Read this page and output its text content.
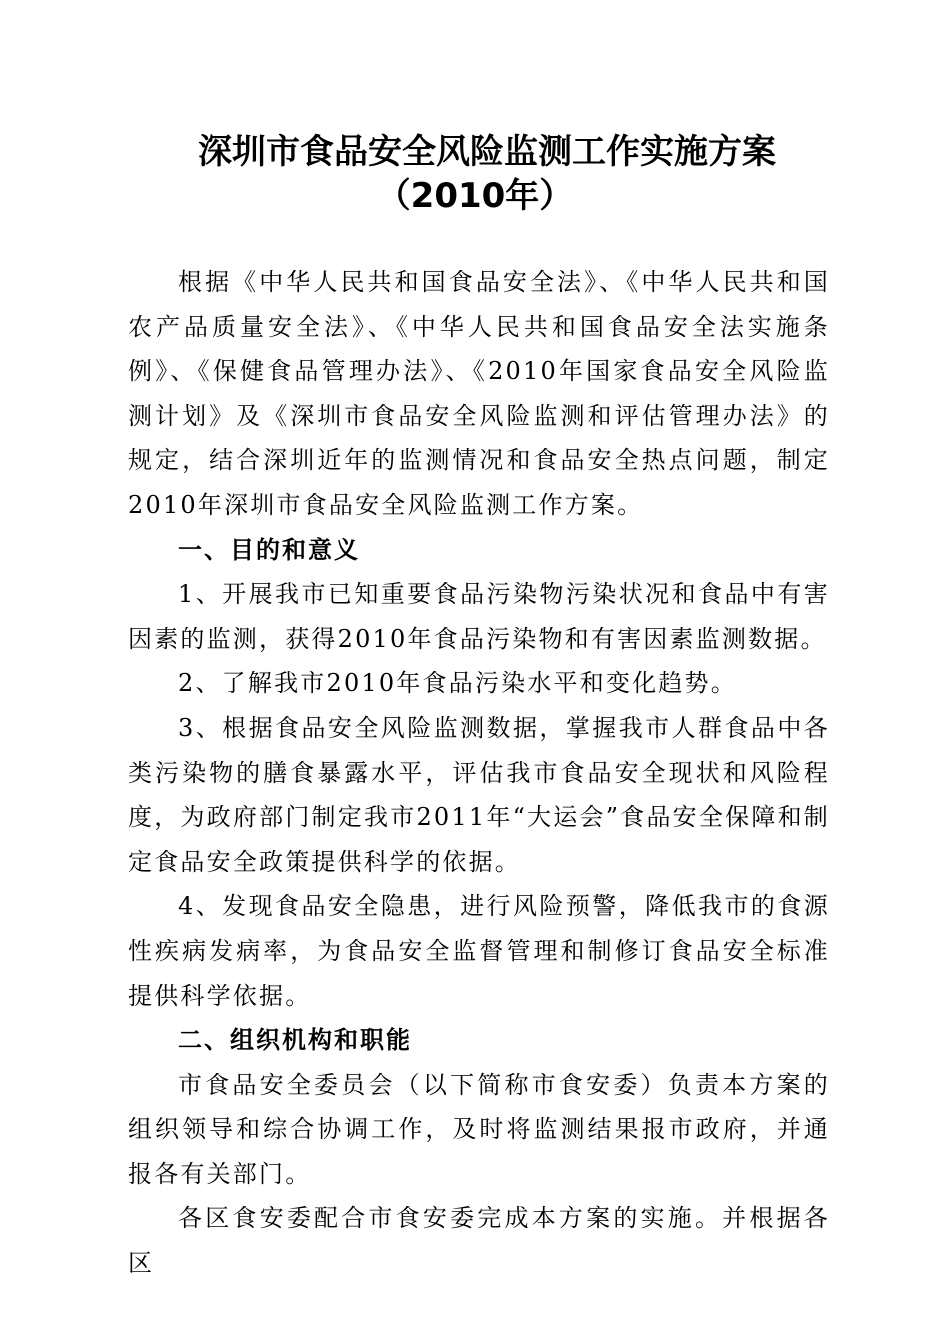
深圳市食品安全风险监测工作实施方案
（2010年）

根据《中华人民共和国食品安全法》、《中华人民共和国农产品质量安全法》、《中华人民共和国食品安全法实施条例》、《保健食品管理办法》、《2010年国家食品安全风险监测计划》及《深圳市食品安全风险监测和评估管理办法》的规定，结合深圳近年的监测情况和食品安全热点问题，制定2010年深圳市食品安全风险监测工作方案。

一、目的和意义

1、开展我市已知重要食品污染物污染状况和食品中有害因素的监测，获得2010年食品污染物和有害因素监测数据。

2、了解我市2010年食品污染水平和变化趋势。

3、根据食品安全风险监测数据，掌握我市人群食品中各类污染物的膳食暴露水平，评估我市食品安全现状和风险程度，为政府部门制定我市2011年“大运会”食品安全保障和制定食品安全政策提供科学的依据。

4、发现食品安全隐患，进行风险预警，降低我市的食源性疾病发病率，为食品安全监督管理和制修订食品安全标准提供科学依据。

二、组织机构和职能

市食品安全委员会（以下简称市食安委）负责本方案的组织领导和综合协调工作，及时将监测结果报市政府，并通报各有关部门。

各区食安委配合市食安委完成本方案的实施。并根据各区
